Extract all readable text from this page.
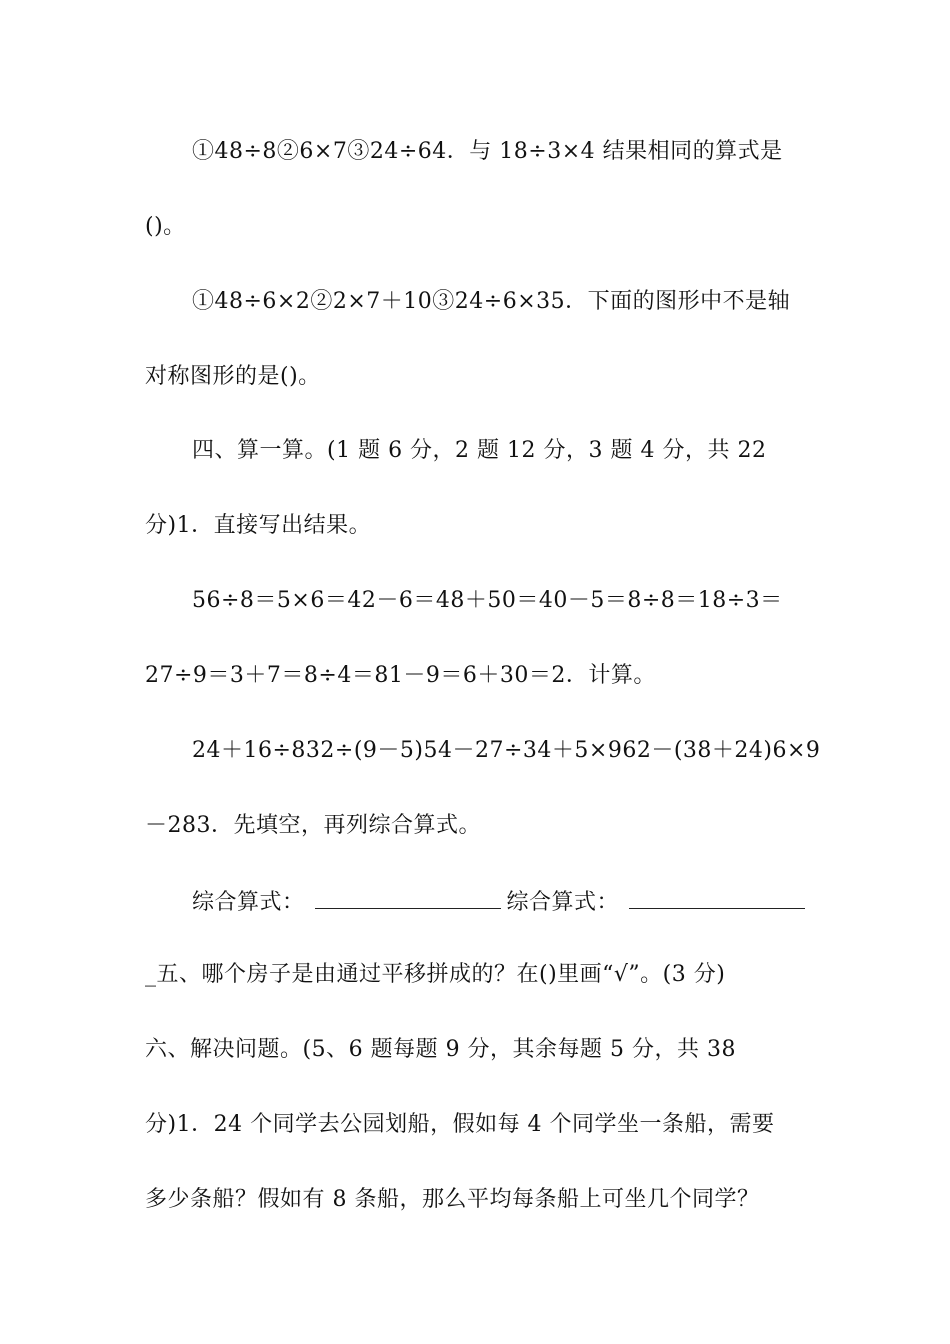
①48÷8②6×7③24÷64．与 18÷3×4 结果相同的算式是
()。
①48÷6×2②2×7＋10③24÷6×35．下面的图形中不是轴
对称图形的是()。
四、算一算。(1 题 6 分，2 题 12 分，3 题 4 分，共 22
分)1．直接写出结果。
56÷8＝5×6＝42－6＝48＋50＝40－5＝8÷8＝18÷3＝
27÷9＝3＋7＝8÷4＝81－9＝6＋30＝2．计算。
24＋16÷832÷(9－5)54－27÷34＋5×962－(38＋24)6×9
－283．先填空，再列综合算式。
综合算式：	综合算式：
_五、哪个房子是由通过平移拼成的？在()里画“√”。(3 分)
六、解决问题。(5、6 题每题 9 分，其余每题 5 分，共 38
分)1．24 个同学去公园划船，假如每 4 个同学坐一条船，需要
多少条船？假如有 8 条船，那么平均每条船上可坐几个同学？
